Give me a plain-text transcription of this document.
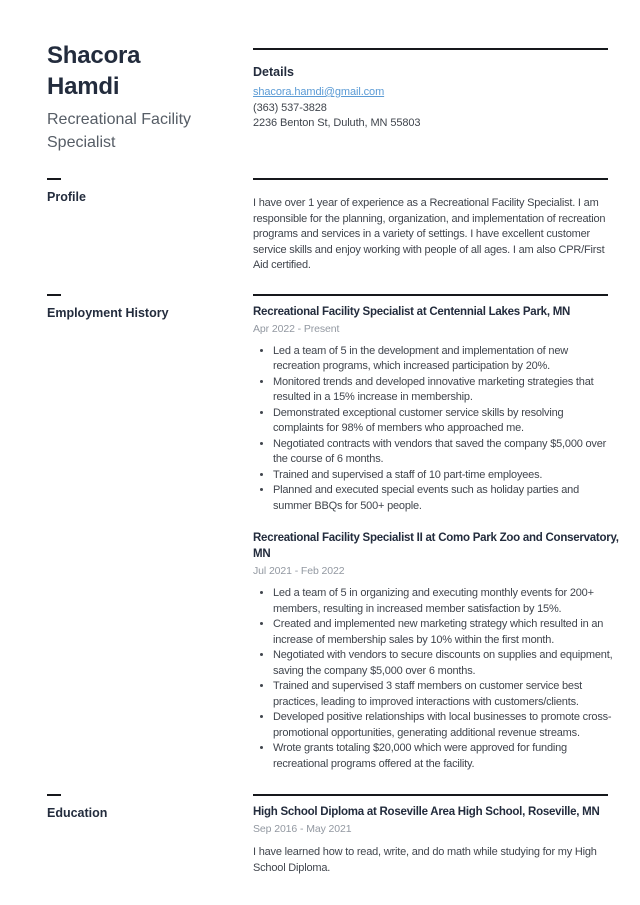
Shacora Hamdi
Recreational Facility Specialist
Details
shacora.hamdi@gmail.com
(363) 537-3828
2236 Benton St, Duluth, MN 55803
Profile	I have over 1 year of experience as a Recreational Facility Specialist. I am responsible for the planning, organization, and implementation of recreation programs and services in a variety of settings. I have excellent customer service skills and enjoy working with people of all ages. I am also CPR/First Aid certified.

Employment History	Recreational Facility Specialist at Centennial Lakes Park, MN
Apr 2022 - Present
• Led a team of 5 in the development and implementation of new recreation programs, which increased participation by 20%.
• Monitored trends and developed innovative marketing strategies that resulted in a 15% increase in membership.
• Demonstrated exceptional customer service skills by resolving complaints for 98% of members who approached me.
• Negotiated contracts with vendors that saved the company $5,000 over the course of 6 months.
• Trained and supervised a staff of 10 part-time employees.
• Planned and executed special events such as holiday parties and summer BBQs for 500+ people.
Recreational Facility Specialist II at Como Park Zoo and Conservatory, MN
Jul 2021 - Feb 2022
• Led a team of 5 in organizing and executing monthly events for 200+ members, resulting in increased member satisfaction by 15%.
• Created and implemented new marketing strategy which resulted in an increase of membership sales by 10% within the first month.
• Negotiated with vendors to secure discounts on supplies and equipment, saving the company $5,000 over 6 months.
• Trained and supervised 3 staff members on customer service best practices, leading to improved interactions with customers/clients.
• Developed positive relationships with local businesses to promote cross-promotional opportunities, generating additional revenue streams.
• Wrote grants totaling $20,000 which were approved for funding recreational programs offered at the facility.
Education	High School Diploma at Roseville Area High School, Roseville, MN
Sep 2016 - May 2021

I have learned how to read, write, and do math while studying for my High School Diploma.
